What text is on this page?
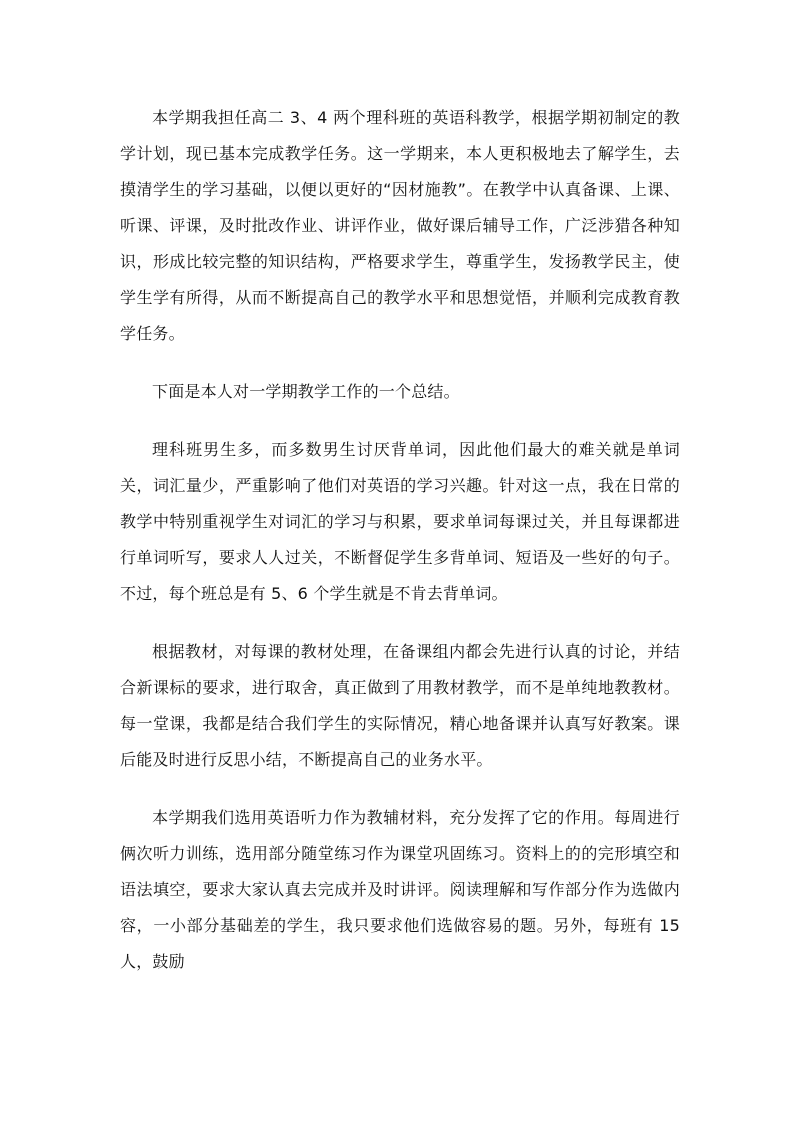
本学期我担任高二 3、4 两个理科班的英语科教学，根据学期初制定的教学计划，现已基本完成教学任务。这一学期来，本人更积极地去了解学生，去摸清学生的学习基础，以便以更好的“因材施教”。在教学中认真备课、上课、听课、评课，及时批改作业、讲评作业，做好课后辅导工作，广泛涉猎各种知识，形成比较完整的知识结构，严格要求学生，尊重学生，发扬教学民主，使学生学有所得，从而不断提高自己的教学水平和思想觉悟，并顺利完成教育教学任务。

下面是本人对一学期教学工作的一个总结。

理科班男生多，而多数男生讨厌背单词，因此他们最大的难关就是单词关，词汇量少，严重影响了他们对英语的学习兴趣。针对这一点，我在日常的教学中特别重视学生对词汇的学习与积累，要求单词每课过关，并且每课都进行单词听写，要求人人过关，不断督促学生多背单词、短语及一些好的句子。不过，每个班总是有 5、6 个学生就是不肯去背单词。

根据教材，对每课的教材处理，在备课组内都会先进行认真的讨论，并结合新课标的要求，进行取舍，真正做到了用教材教学，而不是单纯地教教材。每一堂课，我都是结合我们学生的实际情况，精心地备课并认真写好教案。课后能及时进行反思小结，不断提高自己的业务水平。

本学期我们选用英语听力作为教辅材料，充分发挥了它的作用。每周进行俩次听力训练，选用部分随堂练习作为课堂巩固练习。资料上的的完形填空和语法填空，要求大家认真去完成并及时讲评。阅读理解和写作部分作为选做内容，一小部分基础差的学生，我只要求他们选做容易的题。另外，每班有 15 人，鼓励
